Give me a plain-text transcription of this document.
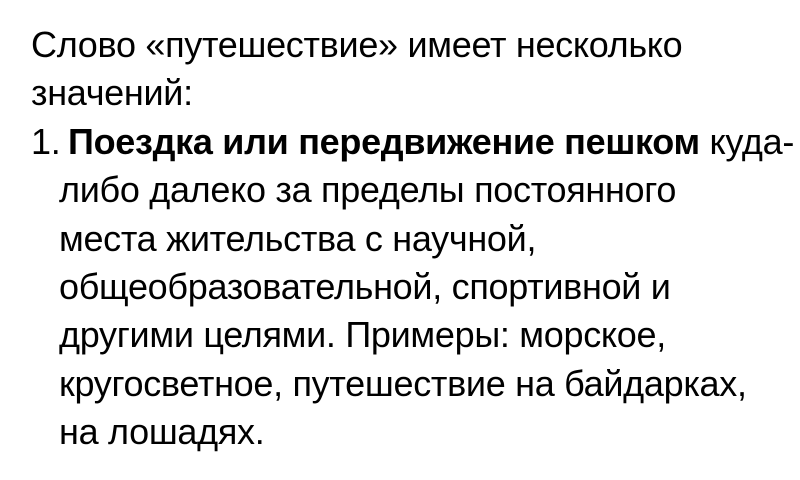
Слово «путешествие» имеет несколько
значений:
1. Поездка или передвижение пешком куда-
либо далеко за пределы постоянного
места жительства с научной,
общеобразовательной, спортивной и
другими целями. Примеры: морское,
кругосветное, путешествие на байдарках,
на лошадях.
